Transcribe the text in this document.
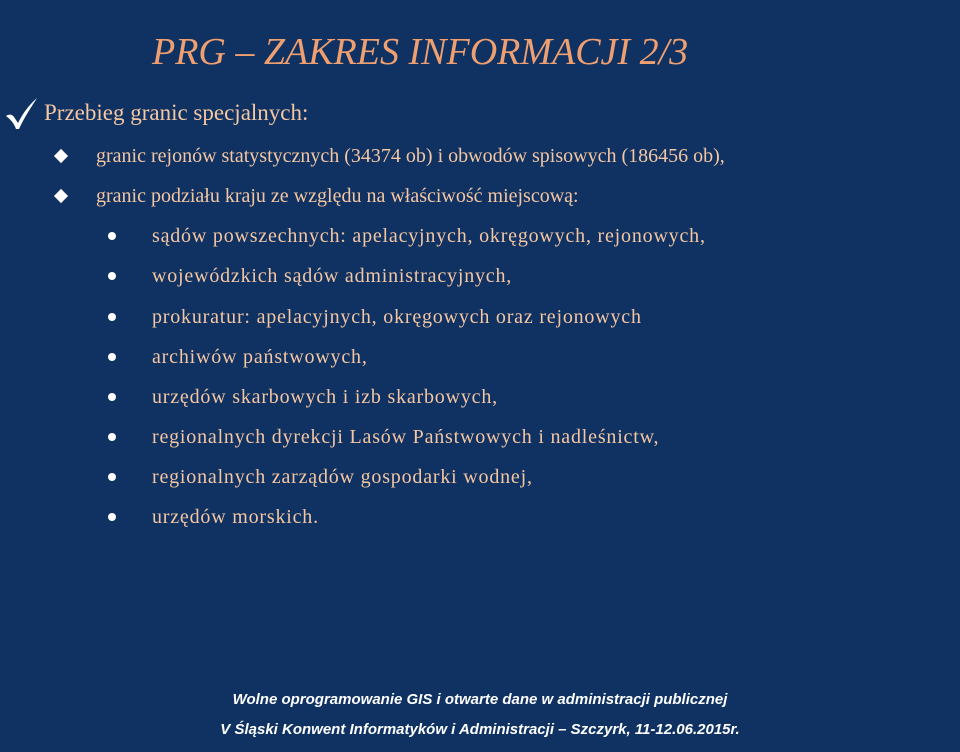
PRG – ZAKRES INFORMACJI 2/3
Przebieg granic specjalnych:
granic rejonów statystycznych (34374 ob) i obwodów spisowych (186456 ob),
granic podziału kraju ze względu na właściwość miejscową:
sądów powszechnych: apelacyjnych, okręgowych, rejonowych,
wojewódzkich sądów administracyjnych,
prokuratur: apelacyjnych, okręgowych oraz rejonowych
archiwów państwowych,
urzędów skarbowych i izb skarbowych,
regionalnych dyrekcji Lasów Państwowych i nadleśnictw,
regionalnych zarządów gospodarki wodnej,
urzędów morskich.
Wolne oprogramowanie GIS i otwarte dane w administracji publicznej
V Śląski Konwent Informatyków i Administracji – Szczyrk, 11-12.06.2015r.
